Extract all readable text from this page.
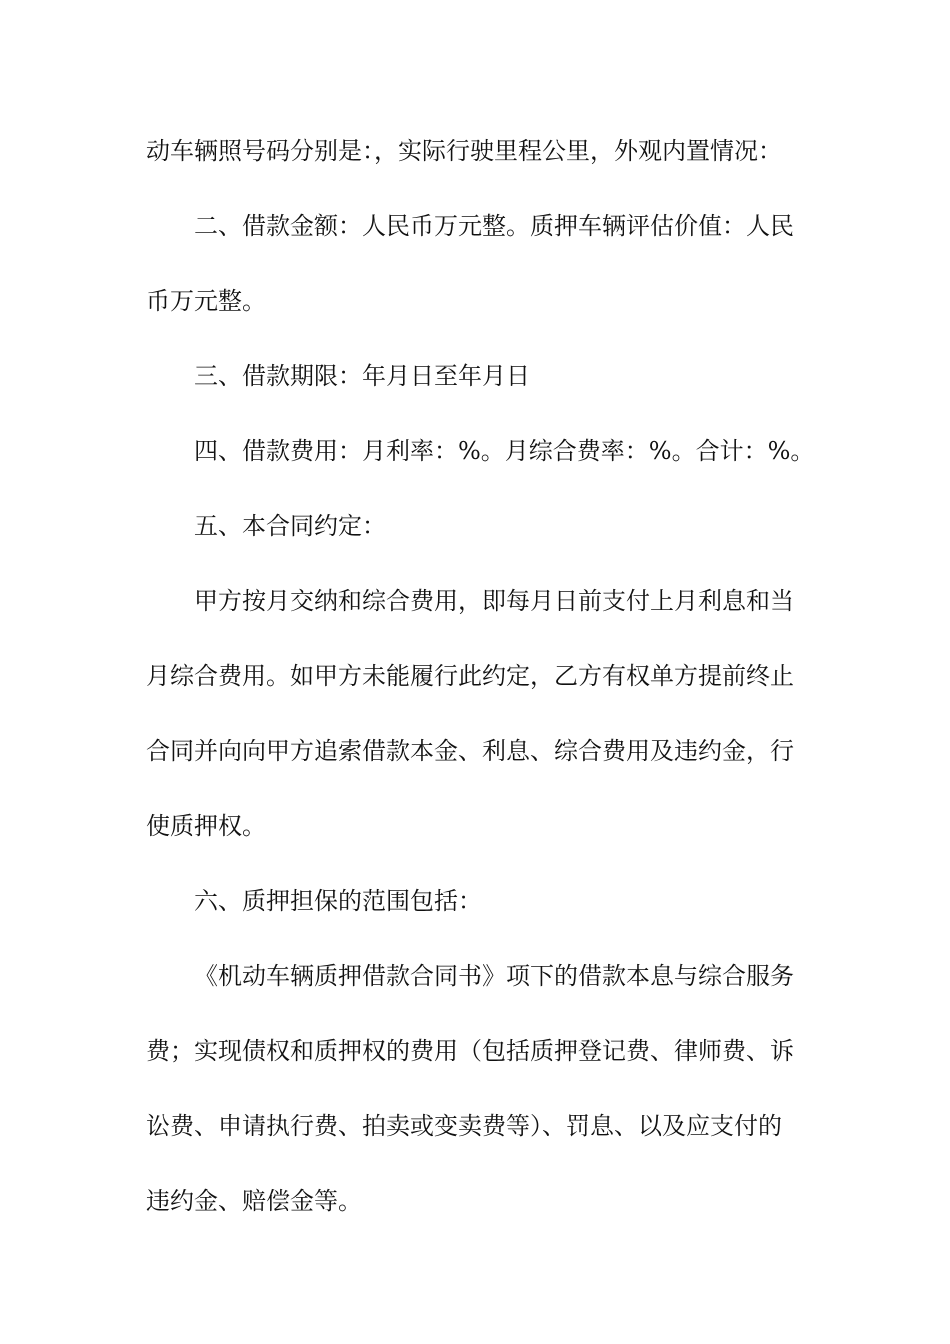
动车辆照号码分别是：，实际行驶里程公里，外观内置情况：
二、借款金额：人民币万元整。质押车辆评估价值：人民
币万元整。
三、借款期限：年月日至年月日
四、借款费用：月利率：%。月综合费率：%。合计：%。
五、本合同约定：
甲方按月交纳和综合费用，即每月日前支付上月利息和当
月综合费用。如甲方未能履行此约定，乙方有权单方提前终止
合同并向向甲方追索借款本金、利息、综合费用及违约金，行
使质押权。
六、质押担保的范围包括：
《机动车辆质押借款合同书》项下的借款本息与综合服务
费；实现债权和质押权的费用（包括质押登记费、律师费、诉
讼费、申请执行费、拍卖或变卖费等）、罚息、以及应支付的
违约金、赔偿金等。
